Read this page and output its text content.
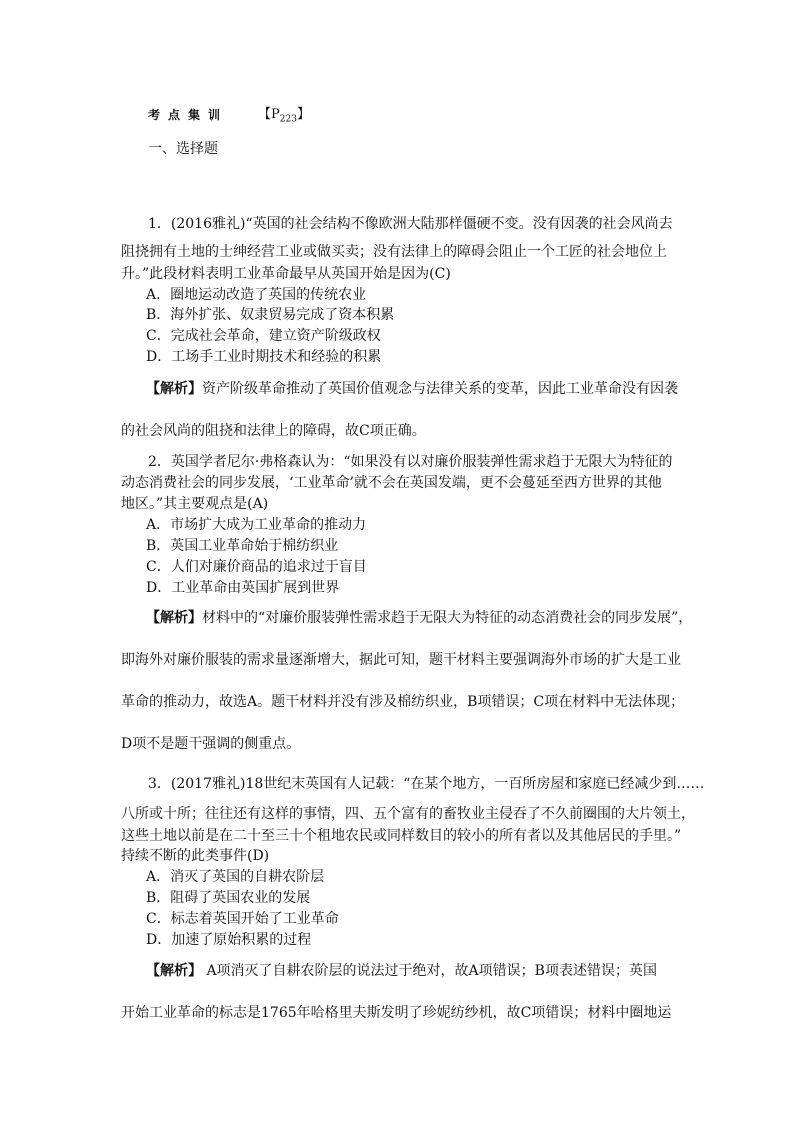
考点集训 【$P_{223}$】
一、选择题
1．(2016雅礼)“英国的社会结构不像欧洲大陆那样僵硬不变。没有因袭的社会风尚去
阻挠拥有土地的士绅经营工业或做买卖；没有法律上的障碍会阻止一个工匠的社会地位上
升。”此段材料表明工业革命最早从英国开始是因为(C)
A．圈地运动改造了英国的传统农业
B．海外扩张、奴隶贸易完成了资本积累
C．完成社会革命，建立资产阶级政权
D．工场手工业时期技术和经验的积累
【解析】资产阶级革命推动了英国价值观念与法律关系的变革，因此工业革命没有因袭
的社会风尚的阻挠和法律上的障碍，故C项正确。
2．英国学者尼尔·弗格森认为：“如果没有以对廉价服装弹性需求趋于无限大为特征的
动态消费社会的同步发展，‘工业革命’就不会在英国发端，更不会蔓延至西方世界的其他
地区。”其主要观点是(A)
A．市场扩大成为工业革命的推动力
B．英国工业革命始于棉纺织业
C．人们对廉价商品的追求过于盲目
D．工业革命由英国扩展到世界
【解析】材料中的“对廉价服装弹性需求趋于无限大为特征的动态消费社会的同步发展”，
即海外对廉价服装的需求量逐渐增大，据此可知，题干材料主要强调海外市场的扩大是工业
革命的推动力，故选A。题干材料并没有涉及棉纺织业，B项错误；C项在材料中无法体现；
D项不是题干强调的侧重点。
3．(2017雅礼)18世纪末英国有人记载：“在某个地方，一百所房屋和家庭已经减少到……
八所或十所；往往还有这样的事情，四、五个富有的畜牧业主侵吞了不久前圈围的大片领土，
这些土地以前是在二十至三十个租地农民或同样数目的较小的所有者以及其他居民的手里。”
持续不断的此类事件(D)
A．消灭了英国的自耕农阶层
B．阻碍了英国农业的发展
C．标志着英国开始了工业革命
D．加速了原始积累的过程
【解析】 A项消灭了自耕农阶层的说法过于绝对，故A项错误；B项表述错误；英国
开始工业革命的标志是1765年哈格里夫斯发明了珍妮纺纱机，故C项错误；材料中圈地运
